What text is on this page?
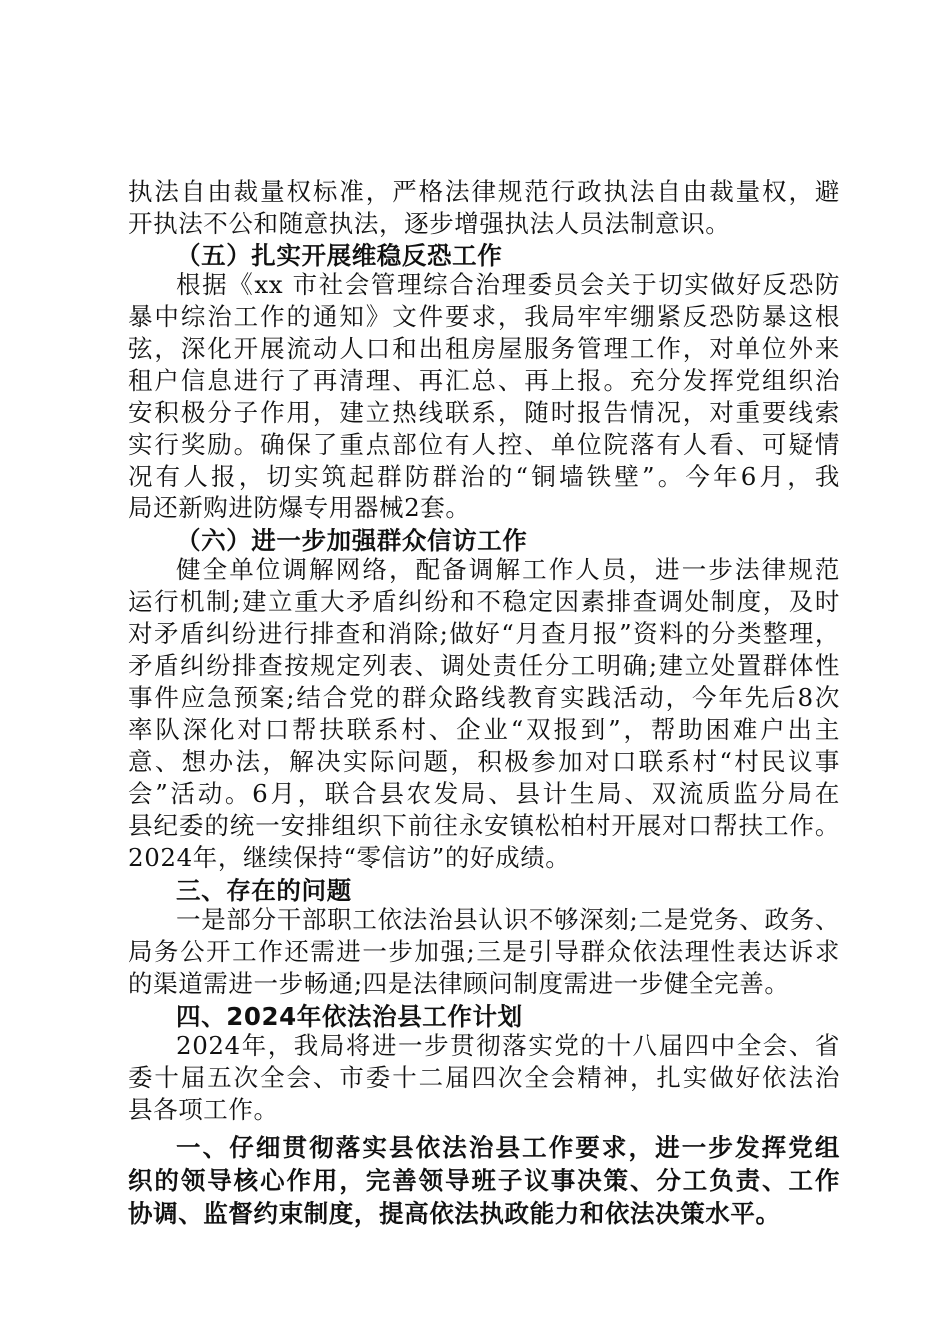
执法自由裁量权标准，严格法律规范行政执法自由裁量权，避
开执法不公和随意执法，逐步增强执法人员法制意识。
（五）扎实开展维稳反恐工作
根据《xx 市社会管理综合治理委员会关于切实做好反恐防
暴中综治工作的通知》文件要求，我局牢牢绷紧反恐防暴这根
弦，深化开展流动人口和出租房屋服务管理工作，对单位外来
租户信息进行了再清理、再汇总、再上报。充分发挥党组织治
安积极分子作用，建立热线联系，随时报告情况，对重要线索
实行奖励。确保了重点部位有人控、单位院落有人看、可疑情
况有人报，切实筑起群防群治的“铜墙铁壁”。今年6月，我
局还新购进防爆专用器械2套。
（六）进一步加强群众信访工作
健全单位调解网络，配备调解工作人员，进一步法律规范
运行机制;建立重大矛盾纠纷和不稳定因素排查调处制度，及时
对矛盾纠纷进行排查和消除;做好“月查月报”资料的分类整理，
矛盾纠纷排查按规定列表、调处责任分工明确;建立处置群体性
事件应急预案;结合党的群众路线教育实践活动，今年先后8次
率队深化对口帮扶联系村、企业“双报到”，帮助困难户出主
意、想办法，解决实际问题，积极参加对口联系村“村民议事
会”活动。6月，联合县农发局、县计生局、双流质监分局在
县纪委的统一安排组织下前往永安镇松柏村开展对口帮扶工作。
2024年，继续保持“零信访”的好成绩。
三、存在的问题
一是部分干部职工依法治县认识不够深刻;二是党务、政务、
局务公开工作还需进一步加强;三是引导群众依法理性表达诉求
的渠道需进一步畅通;四是法律顾问制度需进一步健全完善。
四、2024年依法治县工作计划
2024年，我局将进一步贯彻落实党的十八届四中全会、省
委十届五次全会、市委十二届四次全会精神，扎实做好依法治
县各项工作。
一、仔细贯彻落实县依法治县工作要求，进一步发挥党组
织的领导核心作用，完善领导班子议事决策、分工负责、工作
协调、监督约束制度，提高依法执政能力和依法决策水平。
